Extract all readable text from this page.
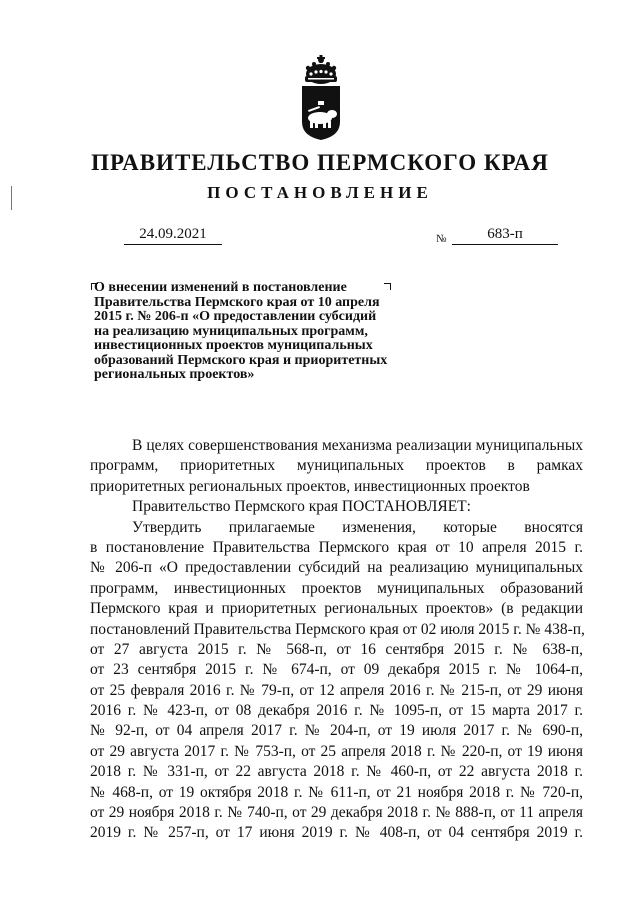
ПРАВИТЕЛЬСТВО ПЕРМСКОГО КРАЯ
ПОСТАНОВЛЕНИЕ
24.09.2021	№	683-п
О внесении изменений в постановление
Правительства Пермского края от 10 апреля
2015 г. № 206-п «О предоставлении субсидий
на реализацию муниципальных программ,
инвестиционных проектов муниципальных
образований Пермского края и приоритетных
региональных проектов»

В целях совершенствования механизма реализации муниципальных
программ, приоритетных муниципальных проектов в рамках
приоритетных региональных проектов, инвестиционных проектов

Правительство Пермского края ПОСТАНОВЛЯЕТ:

Утвердить прилагаемые изменения, которые вносятся
в постановление Правительства Пермского края от 10 апреля 2015 г.
№ 206-п «О предоставлении субсидий на реализацию муниципальных
программ, инвестиционных проектов муниципальных образований
Пермского края и приоритетных региональных проектов» (в редакции
постановлений Правительства Пермского края от 02 июля 2015 г. № 438-п,
от 27 августа 2015 г. № 568-п, от 16 сентября 2015 г. № 638-п,
от 23 сентября 2015 г. № 674-п, от 09 декабря 2015 г. № 1064-п,
от 25 февраля 2016 г. № 79-п, от 12 апреля 2016 г. № 215-п, от 29 июня
2016 г. № 423-п, от 08 декабря 2016 г. № 1095-п, от 15 марта 2017 г.
№ 92-п, от 04 апреля 2017 г. № 204-п, от 19 июля 2017 г. № 690-п,
от 29 августа 2017 г. № 753-п, от 25 апреля 2018 г. № 220-п, от 19 июня
2018 г. № 331-п, от 22 августа 2018 г. № 460-п, от 22 августа 2018 г.
№ 468-п, от 19 октября 2018 г. № 611-п, от 21 ноября 2018 г. № 720-п,
от 29 ноября 2018 г. № 740-п, от 29 декабря 2018 г. № 888-п, от 11 апреля
2019 г. № 257-п, от 17 июня 2019 г. № 408-п, от 04 сентября 2019 г.
